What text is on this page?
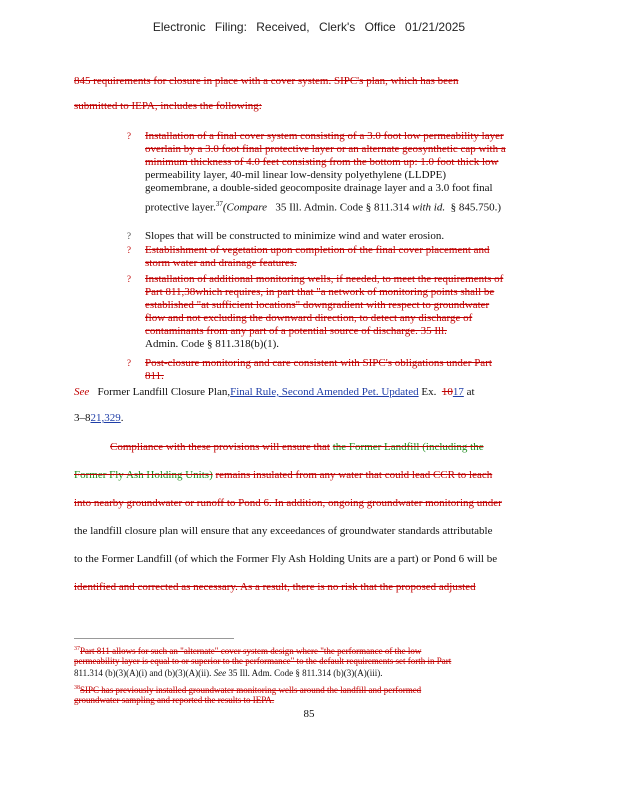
Electronic Filing: Received, Clerk's Office 01/21/2025
845 requirements for closure in place with a cover system. SIPC's plan, which has been
submitted to IEPA, includes the following:
? Installation of a final cover system consisting of a 3.0 foot low permeability layer
overlain by a 3.0 foot final protective layer or an alternate geosynthetic cap with a
minimum thickness of 4.0 feet consisting from the bottom up: 1.0 foot thick low
permeability layer, 40-mil linear low-density polyethylene (LLDPE)
geomembrane, a double-sided geocomposite drainage layer and a 3.0 foot final
protective layer.$^{37}$(Compare 35 Ill. Admin. Code § 811.314 with id. § 845.750.)
? Slopes that will be constructed to minimize wind and water erosion.
? Establishment of vegetation upon completion of the final cover placement and
storm water and drainage features.
? Installation of additional monitoring wells, if needed, to meet the requirements of
Part 811,38which requires, in part that "a network of monitoring points shall be
established "at sufficient locations" downgradient with respect to groundwater
flow and not excluding the downward direction, to detect any discharge of
contaminants from any part of a potential source of discharge. 35 Ill.
Admin. Code § 811.318(b)(1).
? Post-closure monitoring and care consistent with SIPC's obligations under Part
811.
See Former Landfill Closure Plan,Final Rule, Second Amended Pet. Updated Ex. 1017 at
3–821,329.
Compliance with these provisions will ensure that the Former Landfill (including the
Former Fly Ash Holding Units) remains insulated from any water that could lead CCR to leach
into nearby groundwater or runoff to Pond 6. In addition, ongoing groundwater monitoring under
the landfill closure plan will ensure that any exceedances of groundwater standards attributable
to the Former Landfill (of which the Former Fly Ash Holding Units are a part) or Pond 6 will be
identified and corrected as necessary. As a result, there is no risk that the proposed adjusted
$^{37}$Part 811 allows for such an "alternate" cover system design where "the performance of the low
permeability layer is equal to or superior to the performance" to the default requirements set forth in Part
811.314 (b)(3)(A)(i) and (b)(3)(A)(ii). See 35 Ill. Adm. Code § 811.314 (b)(3)(A)(iii).
$^{38}$SIPC has previously installed groundwater monitoring wells around the landfill and performed
groundwater sampling and reported the results to IEPA.
85
